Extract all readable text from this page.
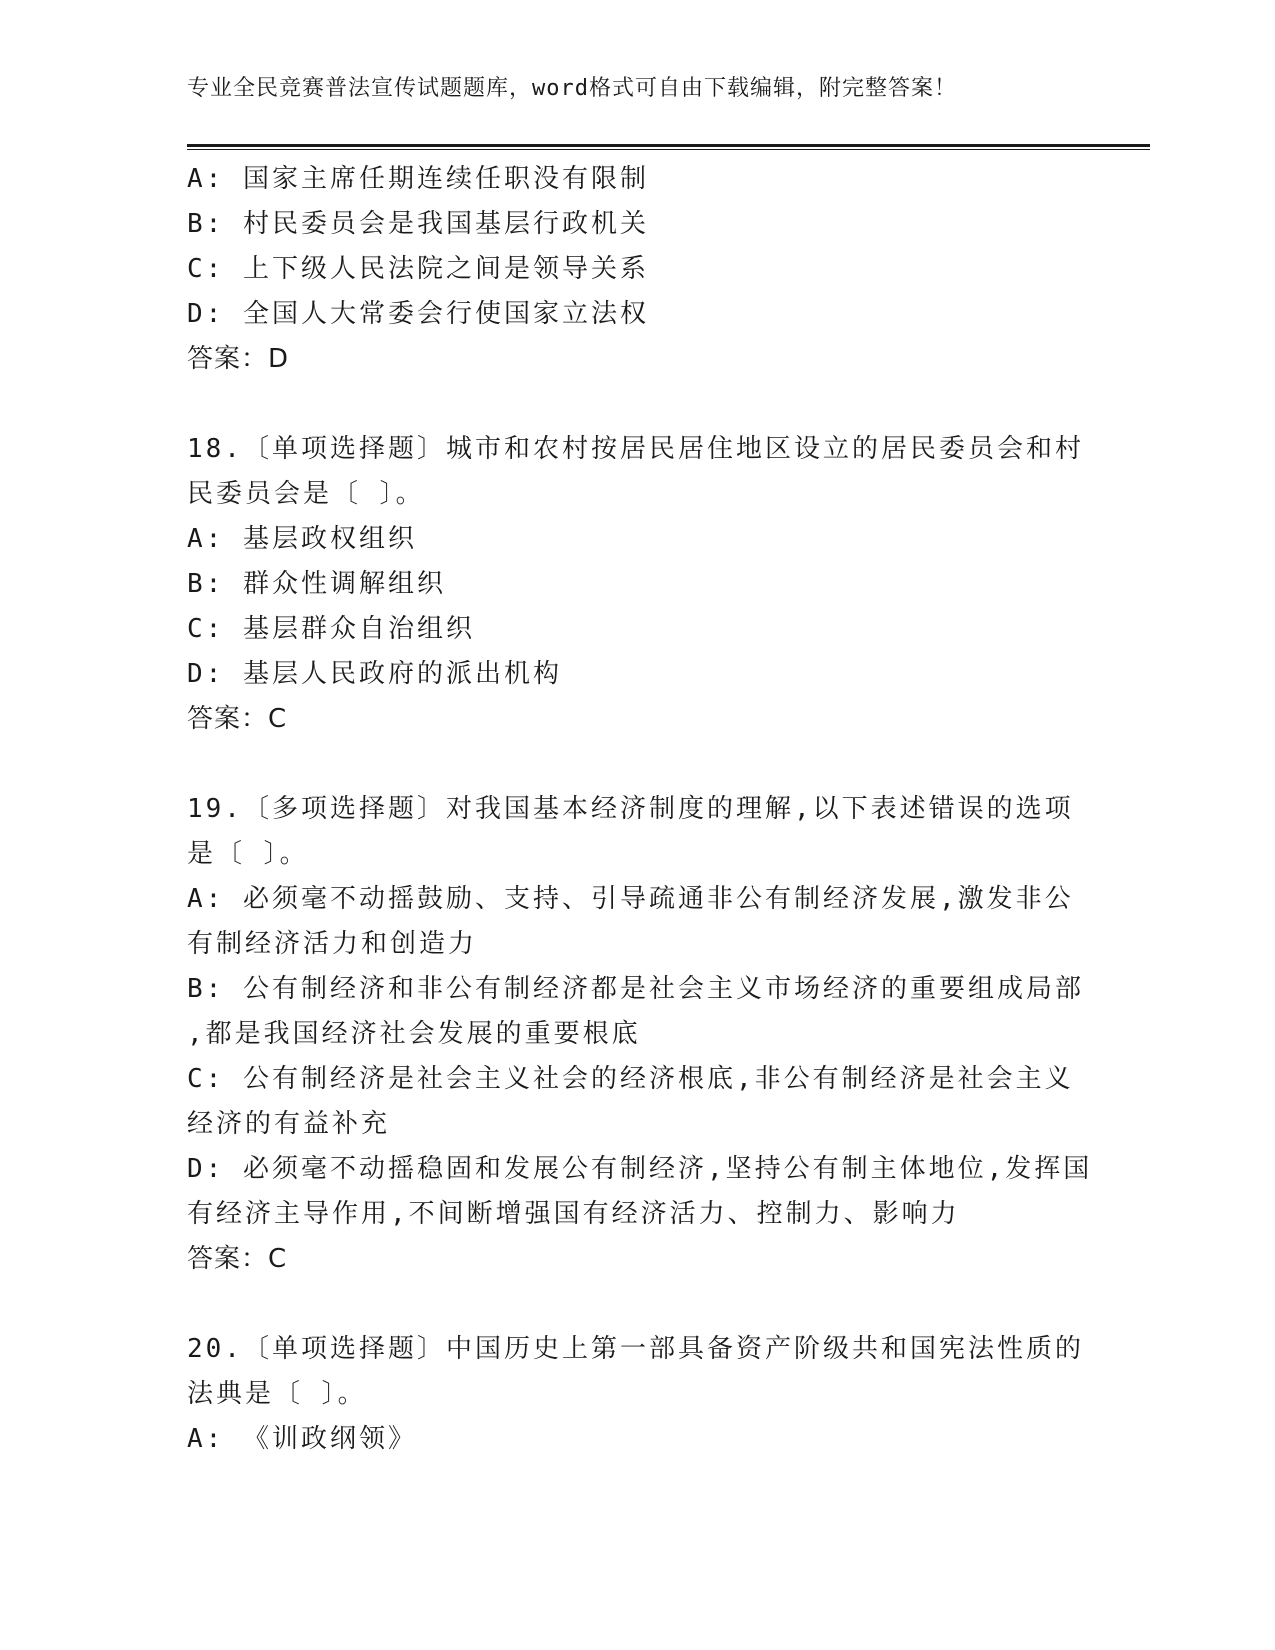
专业全民竞赛普法宣传试题题库，word格式可自由下载编辑，附完整答案！
A: 国家主席任期连续任职没有限制
B: 村民委员会是我国基层行政机关
C: 上下级人民法院之间是领导关系
D: 全国人大常委会行使国家立法权
答案：D
18.〔单项选择题〕城市和农村按居民居住地区设立的居民委员会和村
民委员会是〔 〕。
A: 基层政权组织
B: 群众性调解组织
C: 基层群众自治组织
D: 基层人民政府的派出机构
答案：C
19.〔多项选择题〕对我国基本经济制度的理解,以下表述错误的选项
是〔 〕。
A: 必须毫不动摇鼓励、支持、引导疏通非公有制经济发展,激发非公
有制经济活力和创造力
B: 公有制经济和非公有制经济都是社会主义市场经济的重要组成局部
,都是我国经济社会发展的重要根底
C: 公有制经济是社会主义社会的经济根底,非公有制经济是社会主义
经济的有益补充
D: 必须毫不动摇稳固和发展公有制经济,坚持公有制主体地位,发挥国
有经济主导作用,不间断增强国有经济活力、控制力、影响力
答案：C
20.〔单项选择题〕中国历史上第一部具备资产阶级共和国宪法性质的
法典是〔 〕。
A: 《训政纲领》
